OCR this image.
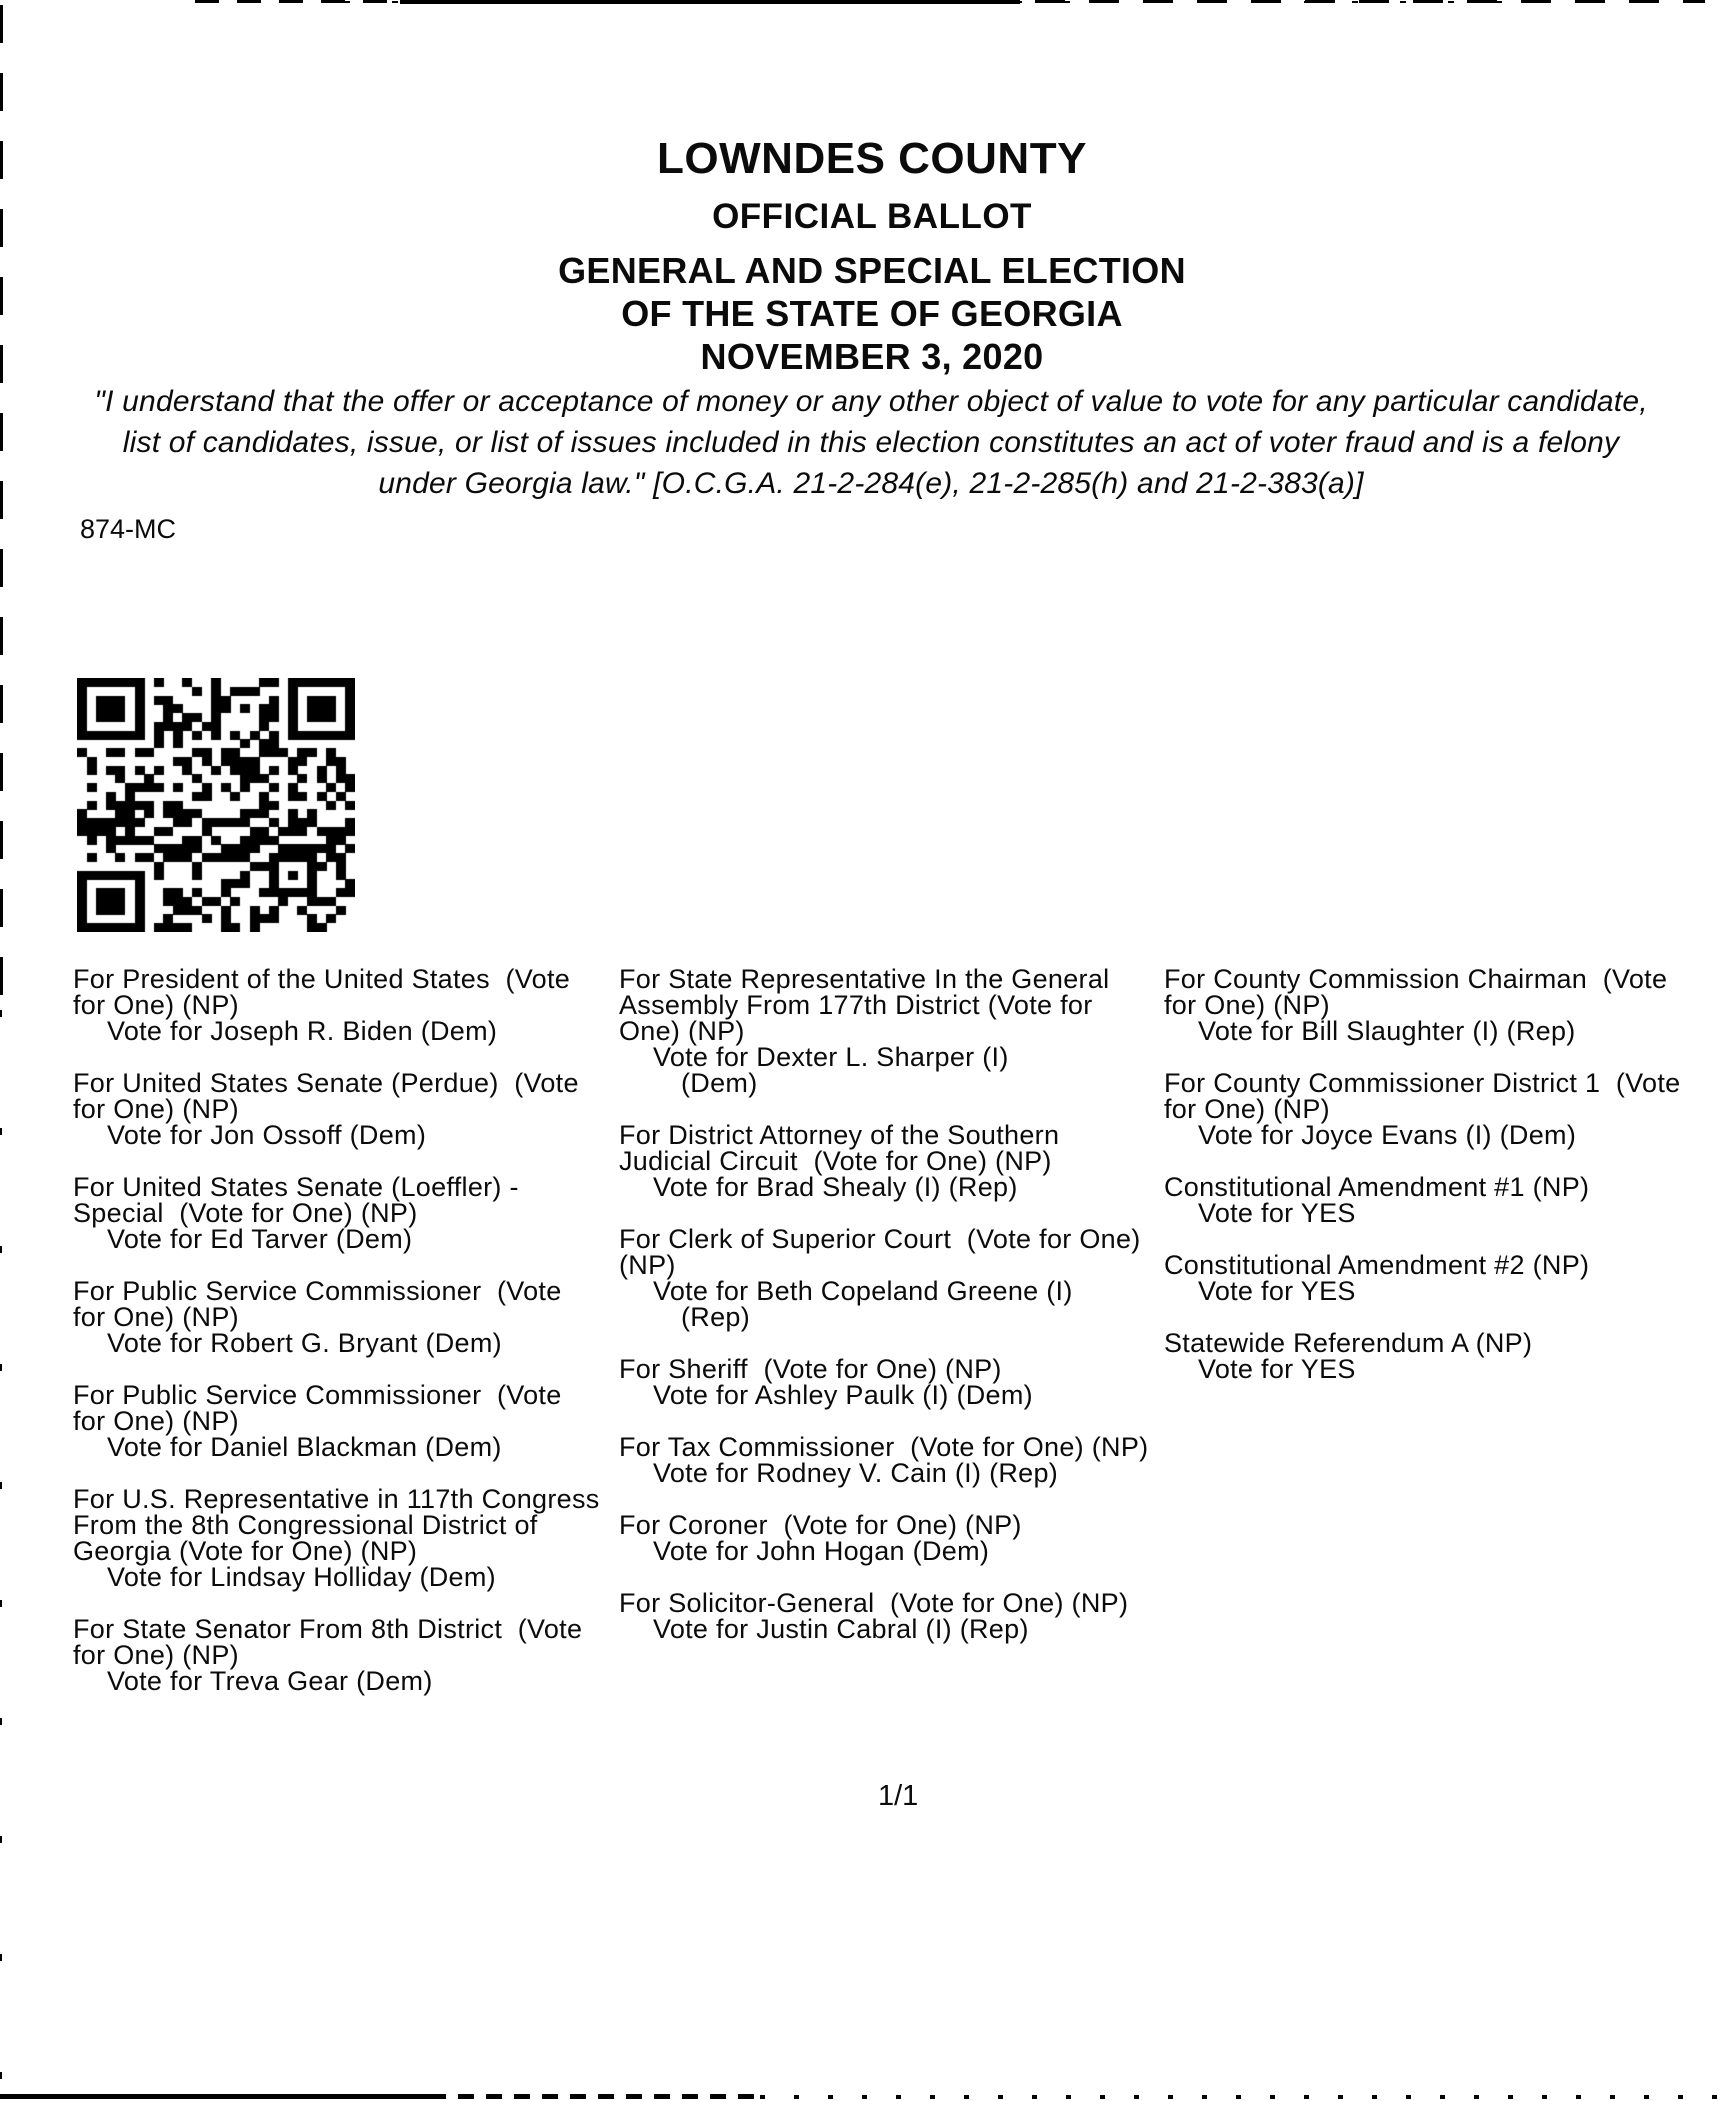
LOWNDES COUNTY
OFFICIAL BALLOT
GENERAL AND SPECIAL ELECTION
OF THE STATE OF GEORGIA
NOVEMBER 3, 2020
"I understand that the offer or acceptance of money or any other object of value to vote for any particular candidate,
list of candidates, issue, or list of issues included in this election constitutes an act of voter fraud and is a felony
under Georgia law." [O.C.G.A. 21-2-284(e), 21-2-285(h) and 21-2-383(a)]
874-MC
For President of the United States  (Vote
for One) (NP)
Vote for Joseph R. Biden (Dem)
For United States Senate (Perdue)  (Vote
for One) (NP)
Vote for Jon Ossoff (Dem)
For United States Senate (Loeffler) -
Special  (Vote for One) (NP)
Vote for Ed Tarver (Dem)
For Public Service Commissioner  (Vote
for One) (NP)
Vote for Robert G. Bryant (Dem)
For Public Service Commissioner  (Vote
for One) (NP)
Vote for Daniel Blackman (Dem)
For U.S. Representative in 117th Congress
From the 8th Congressional District of
Georgia (Vote for One) (NP)
Vote for Lindsay Holliday (Dem)
For State Senator From 8th District  (Vote
for One) (NP)
Vote for Treva Gear (Dem)
For State Representative In the General
Assembly From 177th District (Vote for
One) (NP)
Vote for Dexter L. Sharper (I)
(Dem)
For District Attorney of the Southern
Judicial Circuit  (Vote for One) (NP)
Vote for Brad Shealy (I) (Rep)
For Clerk of Superior Court  (Vote for One)
(NP)
Vote for Beth Copeland Greene (I)
(Rep)
For Sheriff  (Vote for One) (NP)
Vote for Ashley Paulk (I) (Dem)
For Tax Commissioner  (Vote for One) (NP)
Vote for Rodney V. Cain (I) (Rep)
For Coroner  (Vote for One) (NP)
Vote for John Hogan (Dem)
For Solicitor-General  (Vote for One) (NP)
Vote for Justin Cabral (I) (Rep)
For County Commission Chairman  (Vote
for One) (NP)
Vote for Bill Slaughter (I) (Rep)
For County Commissioner District 1  (Vote
for One) (NP)
Vote for Joyce Evans (I) (Dem)
Constitutional Amendment #1 (NP)
Vote for YES
Constitutional Amendment #2 (NP)
Vote for YES
Statewide Referendum A (NP)
Vote for YES
1/1
